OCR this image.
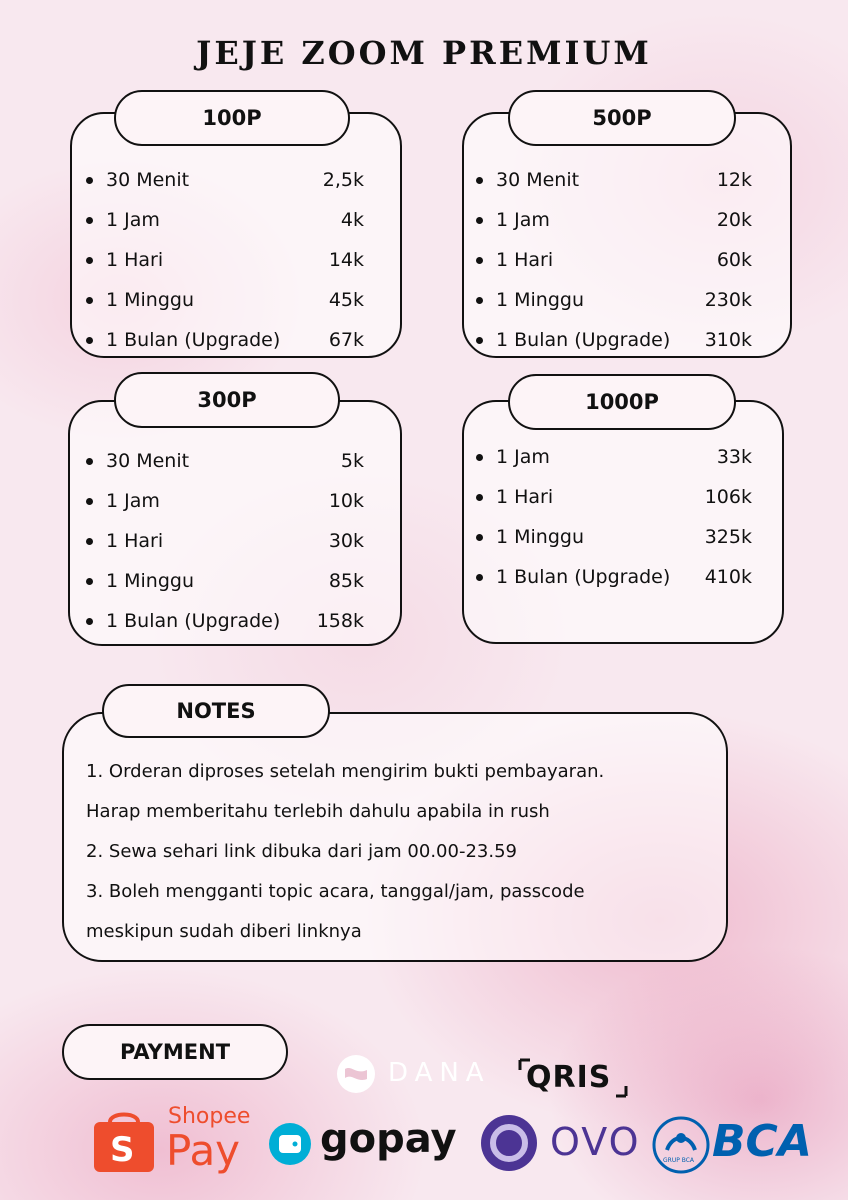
JEJE ZOOM PREMIUM
100P
30 Menit	2,5k
1 Jam	4k
1 Hari	14k
1 Minggu	45k
1 Bulan (Upgrade)	67k
500P
30 Menit	12k
1 Jam	20k
1 Hari	60k
1 Minggu	230k
1 Bulan (Upgrade)	310k
300P
30 Menit	5k
1 Jam	10k
1 Hari	30k
1 Minggu	85k
1 Bulan (Upgrade)	158k
1000P
1 Jam	33k
1 Hari	106k
1 Minggu	325k
1 Bulan (Upgrade)	410k
NOTES
1. Orderan diproses setelah mengirim bukti pembayaran.
Harap memberitahu terlebih dahulu apabila in rush
2. Sewa sehari link dibuka dari jam 00.00-23.59
3. Boleh mengganti topic acara, tanggal/jam, passcode
meskipun sudah diberi linknya
PAYMENT
DANA QRIS
S
Shopee
Pay gopay OVO	GRUP BCA BCA
